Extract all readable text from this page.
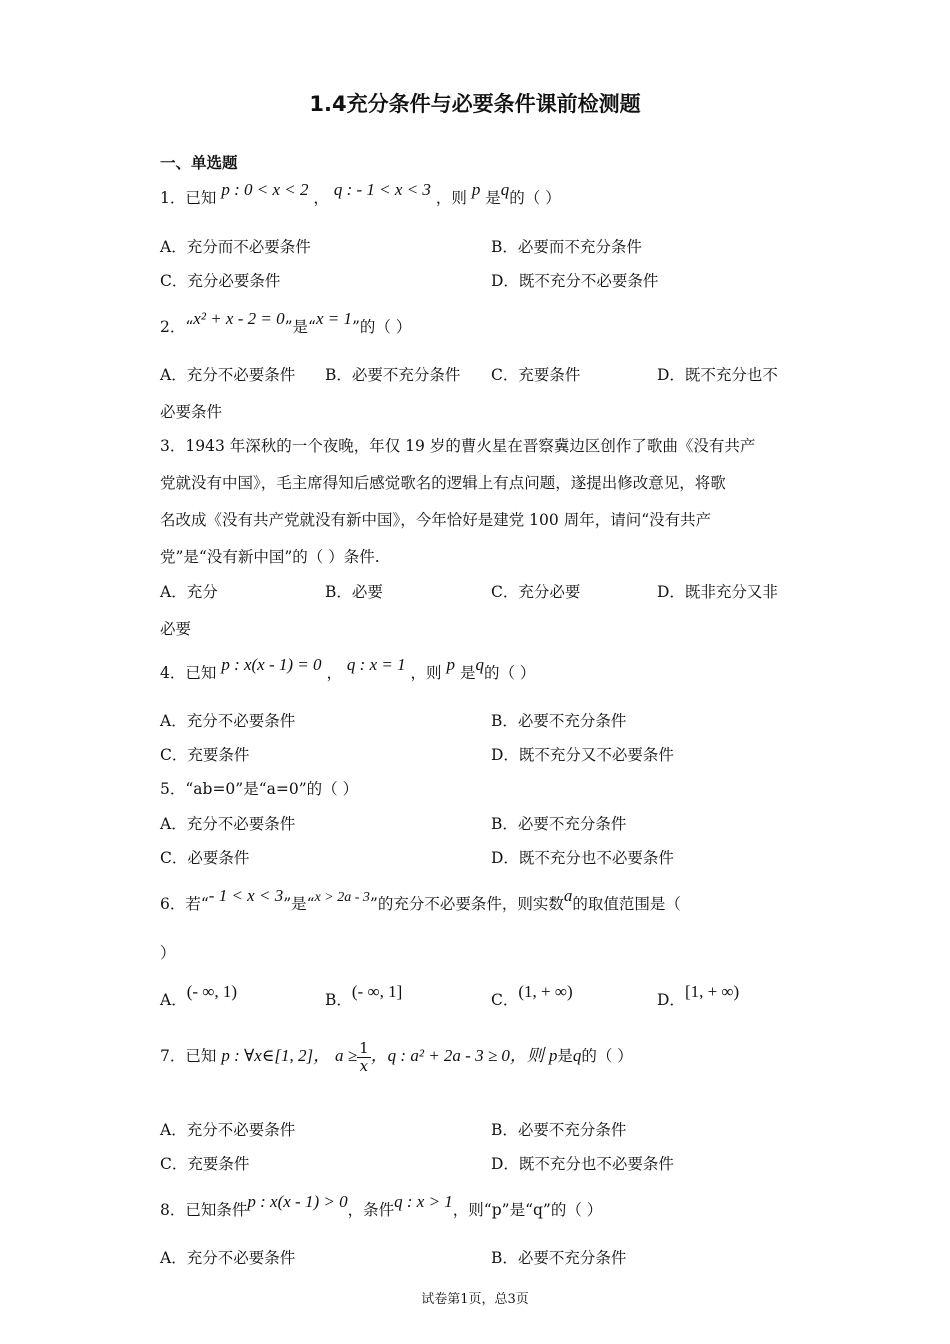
1.4充分条件与必要条件课前检测题
一、单选题
1．已知 p : 0 < x < 2 ， q : - 1 < x < 3 ，则 p 是q的（ ）
A．充分而不必要条件	B．必要而不充分条件
C．充分必要条件	D．既不充分不必要条件
2．“x² + x - 2 = 0”是“x = 1”的（ ）
A．充分不必要条件 B．必要不充分条件 C．充要条件	D．既不充分也不
必要条件
3．1943 年深秋的一个夜晚，年仅 19 岁的曹火星在晋察冀边区创作了歌曲《没有共产
党就没有中国》，毛主席得知后感觉歌名的逻辑上有点问题，遂提出修改意见，将歌
名改成《没有共产党就没有新中国》，今年恰好是建党 100 周年，请问“没有共产
党”是“没有新中国”的（ ）条件.
A．充分	B．必要	C．充分必要	D．既非充分又非
必要
4．已知 p : x(x - 1) = 0 ， q : x = 1 ，则 p 是q的（ ）
A．充分不必要条件	B．必要不充分条件
C．充要条件	D．既不充分又不必要条件
5．“ab=0”是“a=0”的（ ）
A．充分不必要条件	B．必要不充分条件
C．必要条件	D．既不充分也不必要条件
6．若“- 1 < x < 3”是“x > 2a - 3”的充分不必要条件，则实数a的取值范围是（
）
A．(- ∞, 1)	B．(- ∞, 1]	C．(1, + ∞)	D．[1, + ∞)
7．已知 p : ∀x∈[1, 2]， $a \ge \frac{1}{x}$ ，q : a² + 2a - 3 ≥ 0，则 p是q的（ ）
A．充分不必要条件	B．必要不充分条件
C．充要条件	D．既不充分也不必要条件
8．已知条件p : x(x - 1) > 0，条件q : x > 1，则“p”是“q”的（ ）
A．充分不必要条件	B．必要不充分条件
试卷第1页，总3页
